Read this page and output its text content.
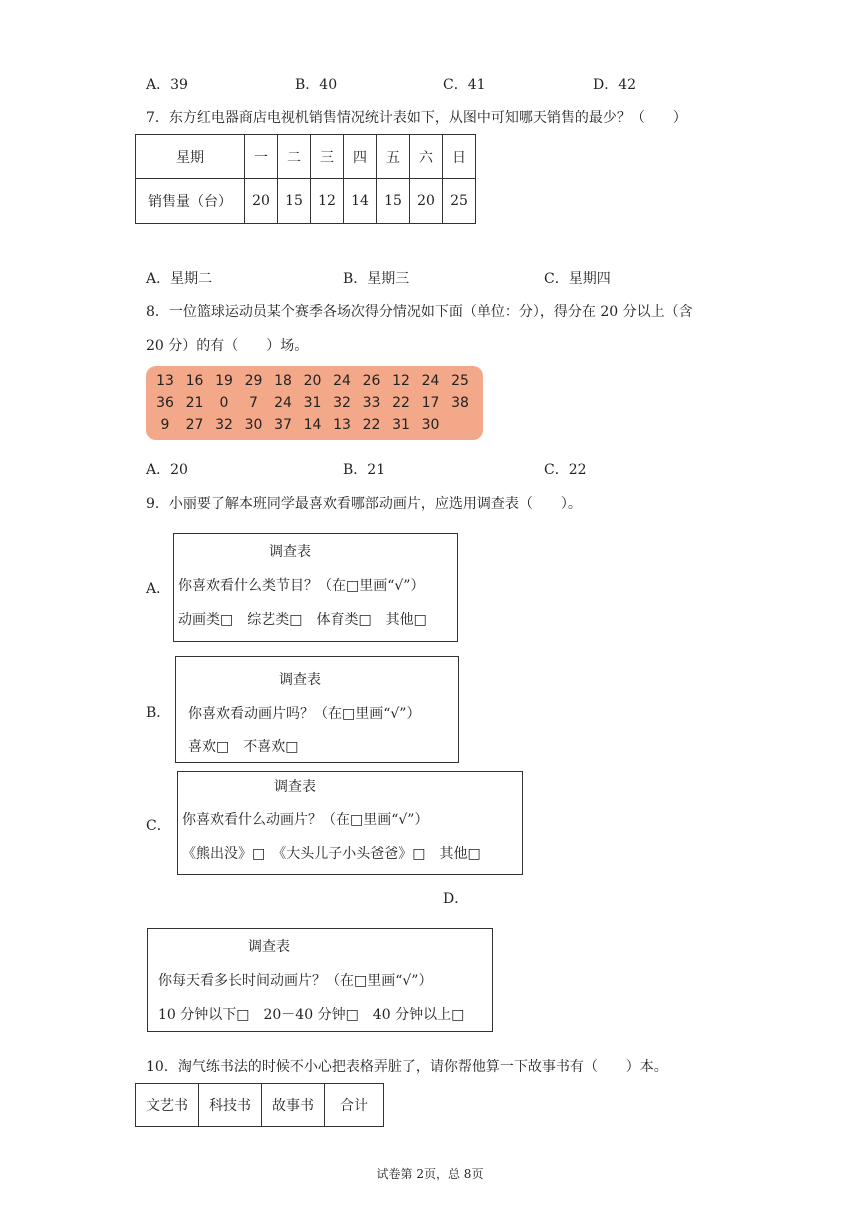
A．39	B．40	C．41	D．42
7．东方红电器商店电视机销售情况统计表如下，从图中可知哪天销售的最少？（　　）
星期	一	二	三	四	五	六	日
销售量（台）	20	15	12	14	15	20	25
A．星期二	B．星期三	C．星期四
8．一位篮球运动员某个赛季各场次得分情况如下面（单位：分），得分在 20 分以上（含
20 分）的有（　　）场。
13 16 19 29 18 20 24 26 12 24 25
36 21	0	7	24 31 32 33 22 17 38
9	27 32 30 37 14 13 22 31 30
A．20	B．21	C．22
9．小丽要了解本班同学最喜欢看哪部动画片，应选用调查表（　　）。
A．
调查表
你喜欢看什么类节目？（在□里画“√”）
动画类□　综艺类□　体育类□　其他□
B．
调查表
你喜欢看动画片吗？（在□里画“√”）
喜欢□　不喜欢□
C．
调查表
你喜欢看什么动画片？（在□里画“√”）
《熊出没》□　《大头儿子小头爸爸》□　其他□
D．
调查表
你每天看多长时间动画片？（在□里画“√”）
10 分钟以下□　20－40 分钟□　40 分钟以上□
10．淘气练书法的时候不小心把表格弄脏了，请你帮他算一下故事书有（　　）本。
文艺书	科技书	故事书	合计
试卷第 2页，总 8页
